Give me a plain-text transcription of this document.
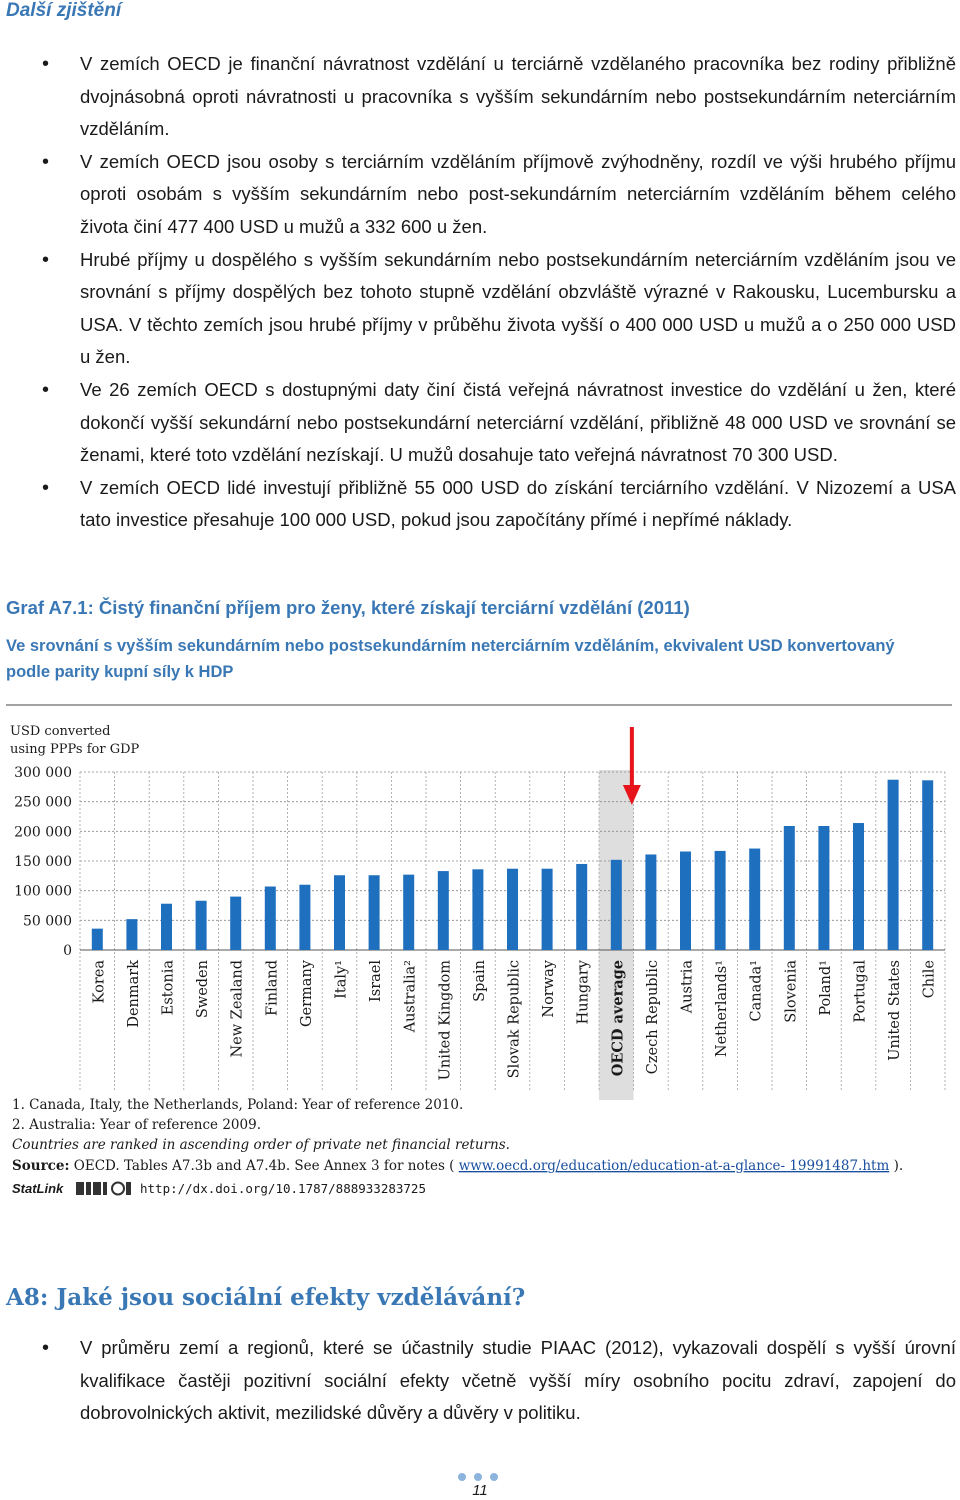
Další zjištění
• V zemích OECD je finanční návratnost vzdělání u terciárně vzdělaného pracovníka bez rodiny přibližně dvojnásobná oproti návratnosti u pracovníka s vyšším sekundárním nebo postsekundárním neterciárním vzděláním.
• V zemích OECD jsou osoby s terciárním vzděláním příjmově zvýhodněny, rozdíl ve výši hrubého příjmu oproti osobám s vyšším sekundárním nebo post-sekundárním neterciárním vzděláním během celého života činí 477 400 USD u mužů a 332 600 u žen.
• Hrubé příjmy u dospělého s vyšším sekundárním nebo postsekundárním neterciárním vzděláním jsou ve srovnání s příjmy dospělých bez tohoto stupně vzdělání obzvláště výrazné v Rakousku, Lucembursku a USA. V těchto zemích jsou hrubé příjmy v průběhu života vyšší o 400 000 USD u mužů a o 250 000 USD u žen.
• Ve 26 zemích OECD s dostupnými daty činí čistá veřejná návratnost investice do vzdělání u žen, které dokončí vyšší sekundární nebo postsekundární neterciární vzdělání, přibližně 48 000 USD ve srovnání se ženami, které toto vzdělání nezískají. U mužů dosahuje tato veřejná návratnost 70 300 USD.
• V zemích OECD lidé investují přibližně 55 000 USD do získání terciárního vzdělání. V Nizozemí a USA tato investice přesahuje 100 000 USD, pokud jsou započítány přímé i nepřímé náklady.
Graf A7.1: Čistý finanční příjem pro ženy, které získají terciární vzdělání (2011)

Ve srovnání s vyšším sekundárním nebo postsekundárním neterciárním vzděláním, ekvivalent USD konvertovaný podle parity kupní síly k HDP

USD converted
using PPPs for GDP
Korea Denmark Estonia Sweden New Zealand Finland Germany Italy¹ Israel Australia² United Kingdom Spain Slovak Republic Norway Hungary OECD average Czech Republic Austria Netherlands¹ Canada¹ Slovenia Poland¹ Portugal United States Chile
0
50 000
100 000
150 000
200 000
250 000
300 000
1. Canada, Italy, the Netherlands, Poland: Year of reference 2010.
2. Australia: Year of reference 2009.
Countries are ranked in ascending order of private net financial returns.
Source: OECD. Tables A7.3b and A7.4b. See Annex 3 for notes ( www.oecd.org/education/education-at-a-glance- 19991487.htm ).
StatLink	http://dx.doi.org/10.1787/888933283725
A8: Jaké jsou sociální efekty vzdělávání?
• V průměru zemí a regionů, které se účastnily studie PIAAC (2012), vykazovali dospělí s vyšší úrovní kvalifikace častěji pozitivní sociální efekty včetně vyšší míry osobního pocitu zdraví, zapojení do dobrovolnických aktivit, mezilidské důvěry a důvěry v politiku.
11
